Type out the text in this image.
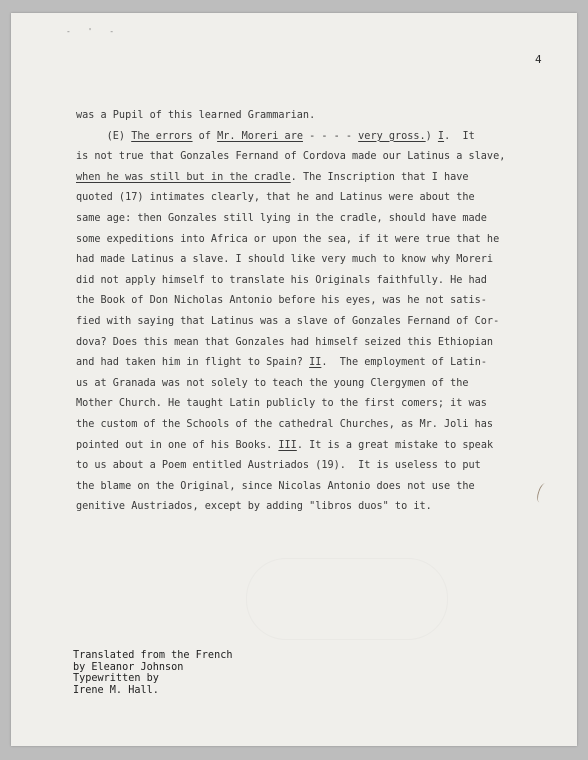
- ' -

4

was a Pupil of this learned Grammarian.
(E) The errors of Mr. Moreri are - - - - very gross.) I.  It
is not true that Gonzales Fernand of Cordova made our Latinus a slave,
when he was still but in the cradle. The Inscription that I have
quoted (17) intimates clearly, that he and Latinus were about the
same age: then Gonzales still lying in the cradle, should have made
some expeditions into Africa or upon the sea, if it were true that he
had made Latinus a slave. I should like very much to know why Moreri
did not apply himself to translate his Originals faithfully. He had
the Book of Don Nicholas Antonio before his eyes, was he not satis-
fied with saying that Latinus was a slave of Gonzales Fernand of Cor-
dova? Does this mean that Gonzales had himself seized this Ethiopian
and had taken him in flight to Spain? II.  The employment of Latin-
us at Granada was not solely to teach the young Clergymen of the
Mother Church. He taught Latin publicly to the first comers; it was
the custom of the Schools of the cathedral Churches, as Mr. Joli has
pointed out in one of his Books. III. It is a great mistake to speak
to us about a Poem entitled Austriados (19).  It is useless to put
the blame on the Original, since Nicolas Antonio does not use the
genitive Austriados, except by adding "libros duos" to it.
Translated from the French
by Eleanor Johnson
Typewritten by
Irene M. Hall.
